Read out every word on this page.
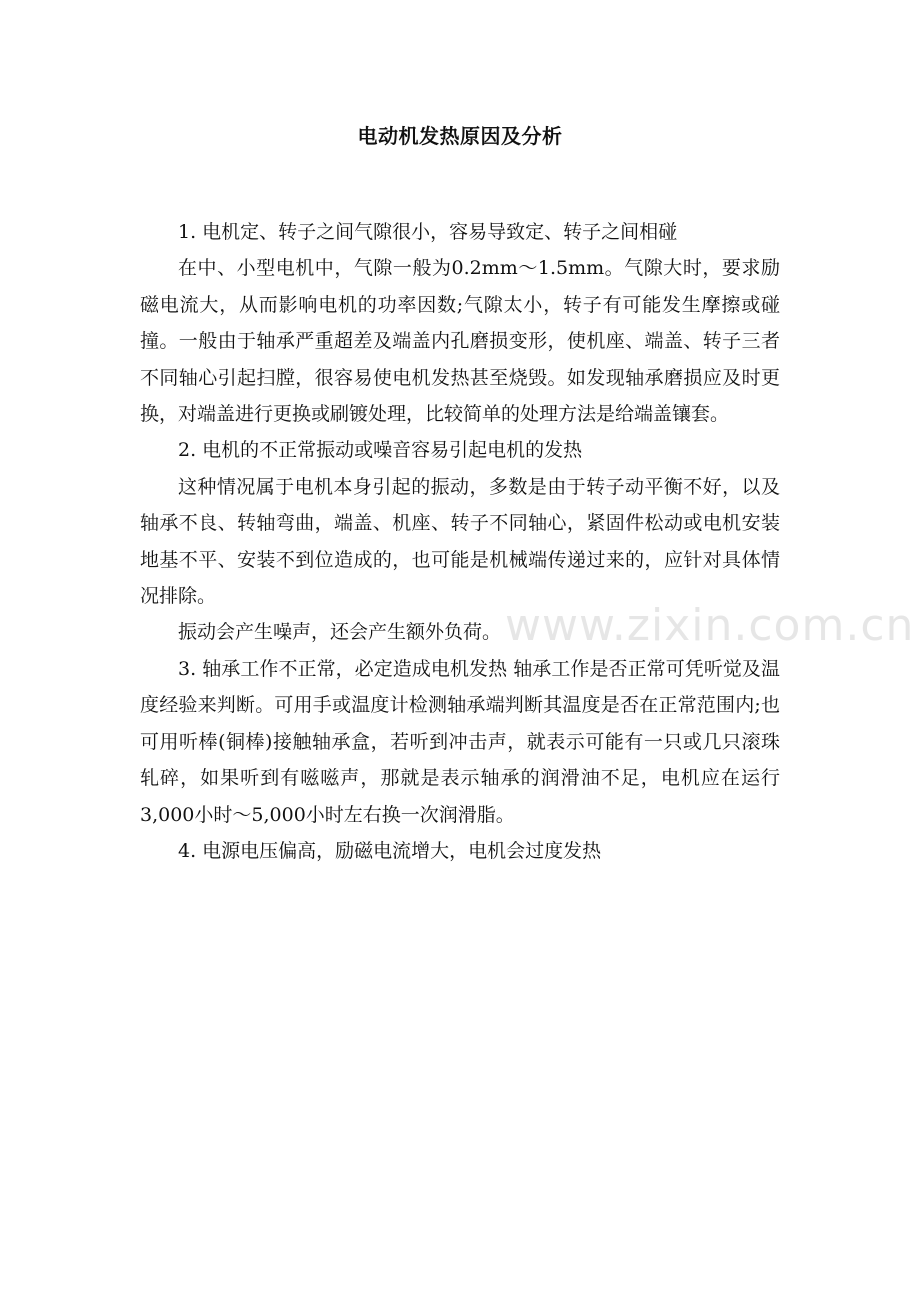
电动机发热原因及分析

1. 电机定、转子之间气隙很小，容易导致定、转子之间相碰

在中、小型电机中，气隙一般为0.2mm～1.5mm。气隙大时，要求励磁电流大，从而影响电机的功率因数;气隙太小，转子有可能发生摩擦或碰撞。一般由于轴承严重超差及端盖内孔磨损变形，使机座、端盖、转子三者不同轴心引起扫膛，很容易使电机发热甚至烧毁。如发现轴承磨损应及时更换，对端盖进行更换或刷镀处理，比较简单的处理方法是给端盖镶套。

2. 电机的不正常振动或噪音容易引起电机的发热

这种情况属于电机本身引起的振动，多数是由于转子动平衡不好，以及轴承不良、转轴弯曲，端盖、机座、转子不同轴心，紧固件松动或电机安装地基不平、安装不到位造成的，也可能是机械端传递过来的，应针对具体情况排除。

振动会产生噪声，还会产生额外负荷。

3. 轴承工作不正常，必定造成电机发热 轴承工作是否正常可凭听觉及温度经验来判断。可用手或温度计检测轴承端判断其温度是否在正常范围内;也可用听棒(铜棒)接触轴承盒，若听到冲击声，就表示可能有一只或几只滚珠轧碎，如果听到有嗞嗞声，那就是表示轴承的润滑油不足，电机应在运行3,000小时～5,000小时左右换一次润滑脂。

4. 电源电压偏高，励磁电流增大，电机会过度发热

www.zixin.com.cn
